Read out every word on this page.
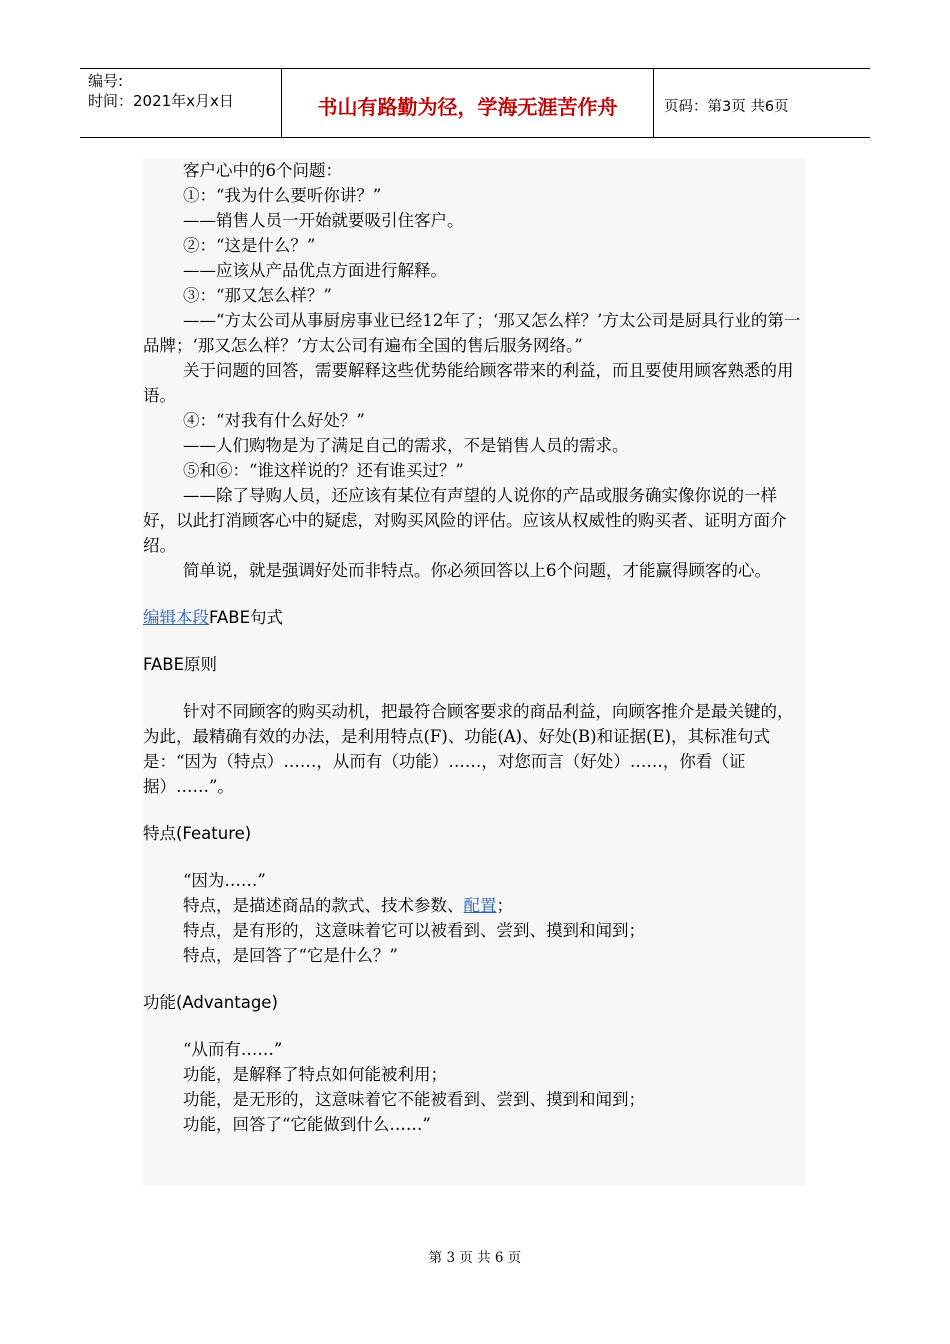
编号:
时间：2021年x月x日	书山有路勤为径，学海无涯苦作舟	页码：第3页 共6页

客户心中的6个问题：

①：“我为什么要听你讲？”

——销售人员一开始就要吸引住客户。

②：“这是什么？”

——应该从产品优点方面进行解释。

③：“那又怎么样？”

——“方太公司从事厨房事业已经12年了；‘那又怎么样？’方太公司是厨具行业的第一品牌；‘那又怎么样？’方太公司有遍布全国的售后服务网络。”

关于问题的回答，需要解释这些优势能给顾客带来的利益，而且要使用顾客熟悉的用语。

④：“对我有什么好处？”

——人们购物是为了满足自己的需求，不是销售人员的需求。

⑤和⑥：“谁这样说的？还有谁买过？”

——除了导购人员，还应该有某位有声望的人说你的产品或服务确实像你说的一样好，以此打消顾客心中的疑虑，对购买风险的评估。应该从权威性的购买者、证明方面介绍。

简单说，就是强调好处而非特点。你必须回答以上6个问题，才能赢得顾客的心。

编辑本段FABE句式

FABE原则

针对不同顾客的购买动机，把最符合顾客要求的商品利益，向顾客推介是最关键的，为此，最精确有效的办法，是利用特点(F)、功能(A)、好处(B)和证据(E)，其标准句式是：“因为（特点）……，从而有（功能）……，对您而言（好处）……，你看（证据）……”。

特点(Feature)

“因为……”

特点，是描述商品的款式、技术参数、配置；

特点，是有形的，这意味着它可以被看到、尝到、摸到和闻到；

特点，是回答了“它是什么？”

功能(Advantage)

“从而有……”

功能，是解释了特点如何能被利用；

功能，是无形的，这意味着它不能被看到、尝到、摸到和闻到；

功能，回答了“它能做到什么……”

第 3 页 共 6 页
